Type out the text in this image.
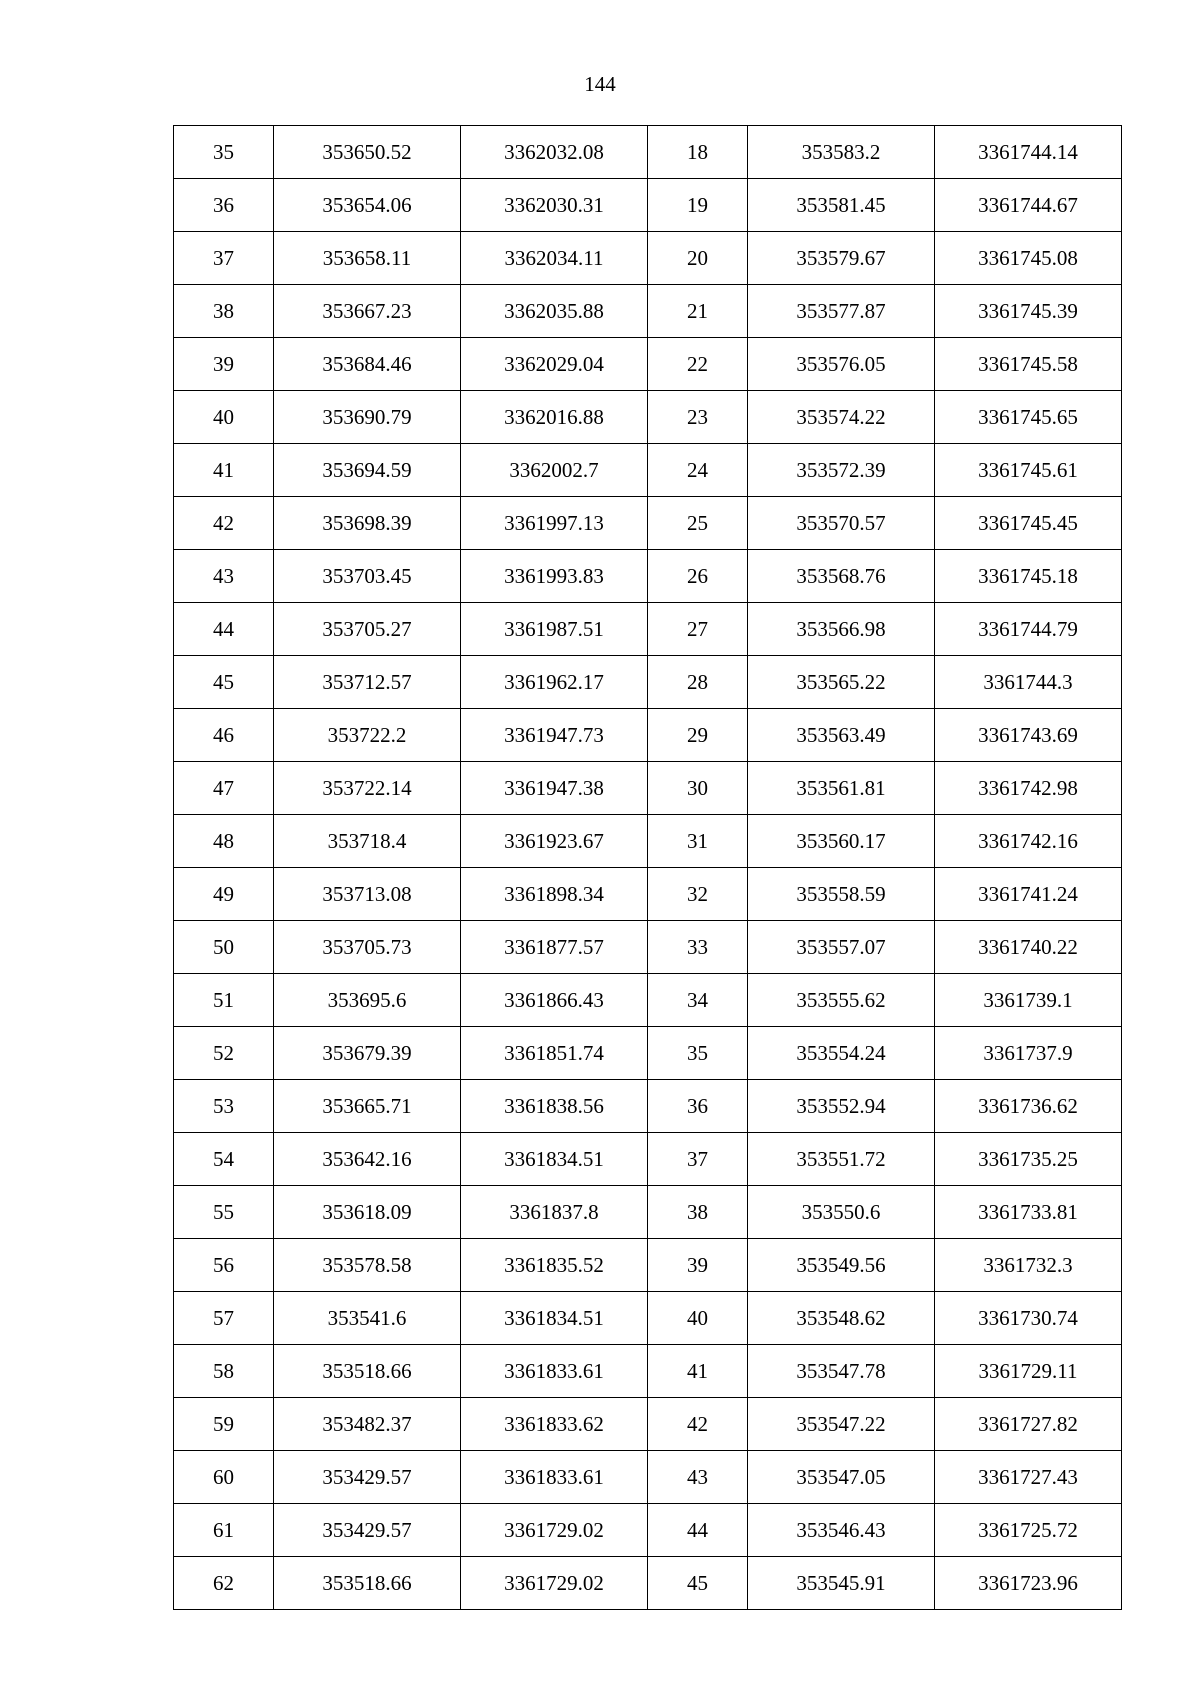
144
35	353650.52	3362032.08	18	353583.2	3361744.14
36	353654.06	3362030.31	19	353581.45	3361744.67
37	353658.11	3362034.11	20	353579.67	3361745.08
38	353667.23	3362035.88	21	353577.87	3361745.39
39	353684.46	3362029.04	22	353576.05	3361745.58
40	353690.79	3362016.88	23	353574.22	3361745.65
41	353694.59	3362002.7	24	353572.39	3361745.61
42	353698.39	3361997.13	25	353570.57	3361745.45
43	353703.45	3361993.83	26	353568.76	3361745.18
44	353705.27	3361987.51	27	353566.98	3361744.79
45	353712.57	3361962.17	28	353565.22	3361744.3
46	353722.2	3361947.73	29	353563.49	3361743.69
47	353722.14	3361947.38	30	353561.81	3361742.98
48	353718.4	3361923.67	31	353560.17	3361742.16
49	353713.08	3361898.34	32	353558.59	3361741.24
50	353705.73	3361877.57	33	353557.07	3361740.22
51	353695.6	3361866.43	34	353555.62	3361739.1
52	353679.39	3361851.74	35	353554.24	3361737.9
53	353665.71	3361838.56	36	353552.94	3361736.62
54	353642.16	3361834.51	37	353551.72	3361735.25
55	353618.09	3361837.8	38	353550.6	3361733.81
56	353578.58	3361835.52	39	353549.56	3361732.3
57	353541.6	3361834.51	40	353548.62	3361730.74
58	353518.66	3361833.61	41	353547.78	3361729.11
59	353482.37	3361833.62	42	353547.22	3361727.82
60	353429.57	3361833.61	43	353547.05	3361727.43
61	353429.57	3361729.02	44	353546.43	3361725.72
62	353518.66	3361729.02	45	353545.91	3361723.96
